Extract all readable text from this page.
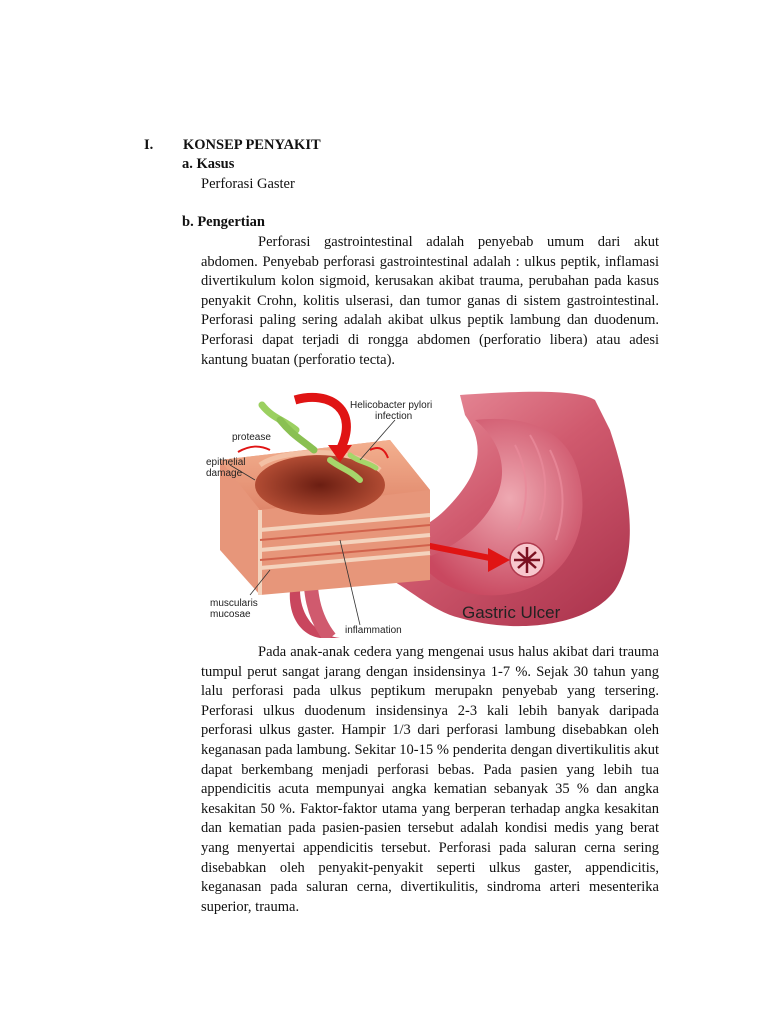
I. KONSEP PENYAKIT
a. Kasus
Perforasi Gaster
b. Pengertian
Perforasi gastrointestinal adalah penyebab umum dari akut abdomen. Penyebab perforasi gastrointestinal adalah : ulkus peptik, inflamasi divertikulum kolon sigmoid, kerusakan akibat trauma, perubahan pada kasus penyakit Crohn, kolitis ulserasi, dan tumor ganas di sistem gastrointestinal. Perforasi paling sering adalah akibat ulkus peptik lambung dan duodenum. Perforasi dapat terjadi di rongga abdomen (perforatio libera) atau adesi kantung buatan (perforatio tecta).
Helicobacter pylori
infection
protease
epithelial
damage
muscularis
mucosae
inflammation
Gastric Ulcer
Pada anak-anak cedera yang mengenai usus halus akibat dari trauma tumpul perut sangat jarang dengan insidensinya 1-7 %. Sejak 30 tahun yang lalu perforasi pada ulkus peptikum merupakn penyebab yang tersering. Perforasi ulkus duodenum insidensinya 2-3 kali lebih banyak daripada perforasi ulkus gaster. Hampir 1/3 dari perforasi lambung disebabkan oleh keganasan pada lambung. Sekitar 10-15 % penderita dengan divertikulitis akut dapat berkembang menjadi perforasi bebas. Pada pasien yang lebih tua appendicitis acuta mempunyai angka kematian sebanyak 35 % dan angka kesakitan 50 %. Faktor-faktor utama yang berperan terhadap angka kesakitan dan kematian pada pasien-pasien tersebut adalah kondisi medis yang berat yang menyertai appendicitis tersebut. Perforasi pada saluran cerna sering disebabkan oleh penyakit-penyakit seperti ulkus gaster, appendicitis, keganasan pada saluran cerna, divertikulitis, sindroma arteri mesenterika superior, trauma.
